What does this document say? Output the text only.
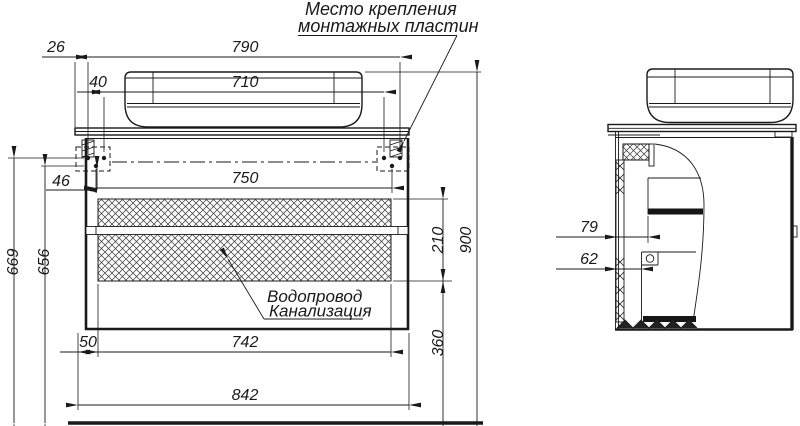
Водопровод
Канализация
26	790
40	710
750
46
669 656
900
210
360
50	742
842
Место крепления
монтажных пластин
79
62
